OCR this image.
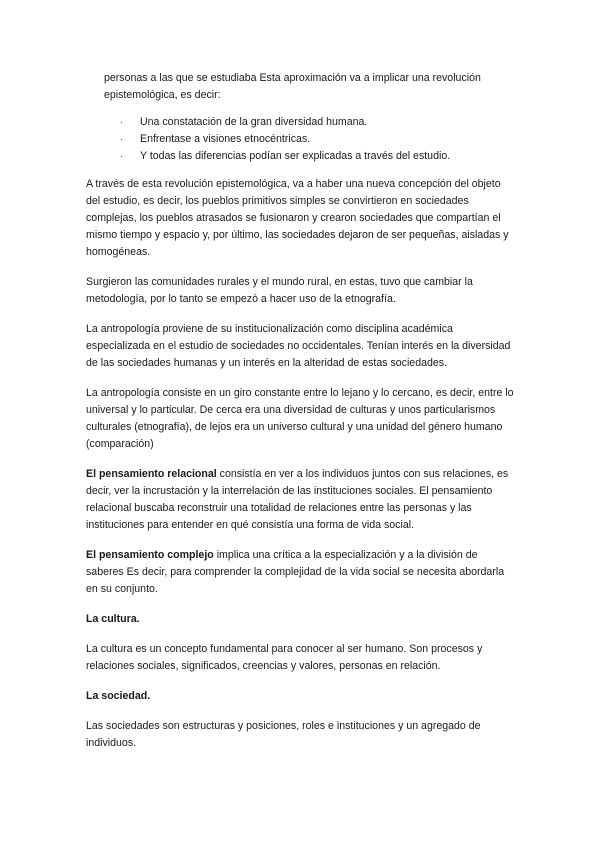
personas a las que se estudiaba Esta aproximación va a implicar una revolución
epistemológica, es decir:

· Una constatación de la gran diversidad humana.
· Enfrentase a visiones etnocéntricas.
· Y todas las diferencias podían ser explicadas a través del estudio.

A través de esta revolución epistemológica, va a haber una nueva concepción del objeto del estudio, es decir, los pueblos primitivos simples se convirtieron en sociedades complejas, los pueblos atrasados se fusionaron y crearon sociedades que compartían el mismo tiempo y espacio y, por último, las sociedades dejaron de ser pequeñas, aisladas y homogéneas.

Surgieron las comunidades rurales y el mundo rural, en estas, tuvo que cambiar la metodología, por lo tanto se empezó a hacer uso de la etnografía.

La antropología proviene de su institucionalización como disciplina académica especializada en el estudio de sociedades no occidentales. Tenían interés en la diversidad de las sociedades humanas y un interés en la alteridad de estas sociedades.

La antropología consiste en un giro constante entre lo lejano y lo cercano, es decir, entre lo universal y lo particular. De cerca era una diversidad de culturas y unos particularismos culturales (etnografía), de lejos era un universo cultural y una unidad del género humano (comparación)

El pensamiento relacional consistía en ver a los individuos juntos con sus relaciones, es decir, ver la incrustación y la interrelación de las instituciones sociales. El pensamiento relacional buscaba reconstruir una totalidad de relaciones entre las personas y las instituciones para entender en qué consistía una forma de vida social.

El pensamiento complejo implica una crítica a la especialización y a la división de saberes Es decir, para comprender la complejidad de la vida social se necesita abordarla en su conjunto.

La cultura.

La cultura es un concepto fundamental para conocer al ser humano. Son procesos y relaciones sociales, significados, creencias y valores, personas en relación.

La sociedad.

Las sociedades son estructuras y posiciones, roles e instituciones y un agregado de individuos.
